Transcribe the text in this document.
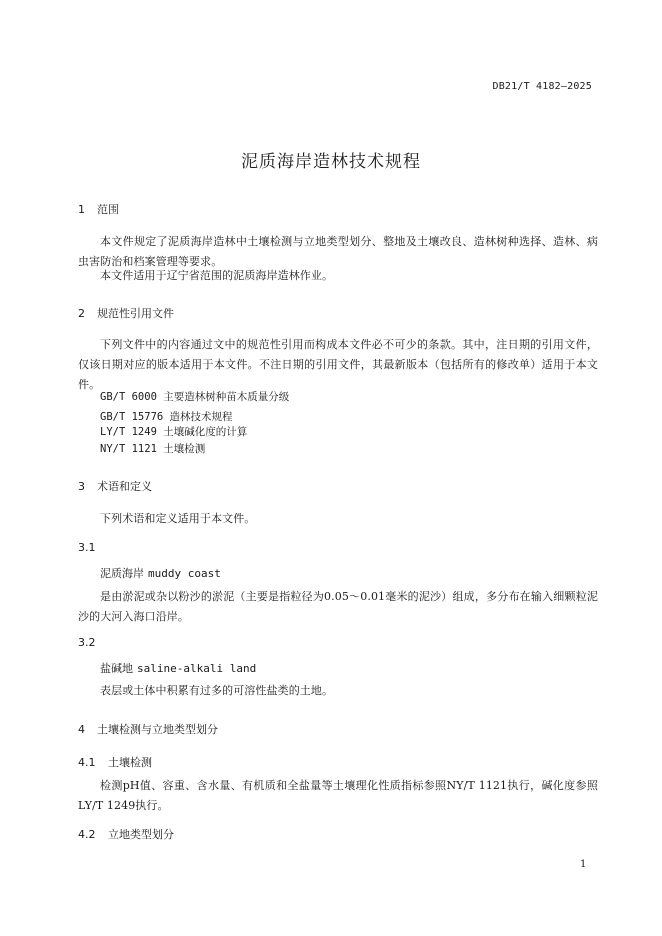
DB21/T 4182—2025
泥质海岸造林技术规程
1 范围
本文件规定了泥质海岸造林中土壤检测与立地类型划分、整地及土壤改良、造林树种选择、造林、病虫害防治和档案管理等要求。
本文件适用于辽宁省范围的泥质海岸造林作业。
2 规范性引用文件
下列文件中的内容通过文中的规范性引用而构成本文件必不可少的条款。其中，注日期的引用文件，仅该日期对应的版本适用于本文件。不注日期的引用文件，其最新版本（包括所有的修改单）适用于本文件。
GB/T 6000 主要造林树种苗木质量分级
GB/T 15776 造林技术规程
LY/T 1249 土壤碱化度的计算
NY/T 1121 土壤检测
3 术语和定义
下列术语和定义适用于本文件。
3.1
泥质海岸 muddy coast
是由淤泥或杂以粉沙的淤泥（主要是指粒径为0.05～0.01毫米的泥沙）组成，多分布在输入细颗粒泥沙的大河入海口沿岸。
3.2
盐碱地 saline-alkali land
表层或土体中积累有过多的可溶性盐类的土地。
4 土壤检测与立地类型划分
4.1 土壤检测
检测pH值、容重、含水量、有机质和全盐量等土壤理化性质指标参照NY/T 1121执行，碱化度参照LY/T 1249执行。
4.2 立地类型划分
1
